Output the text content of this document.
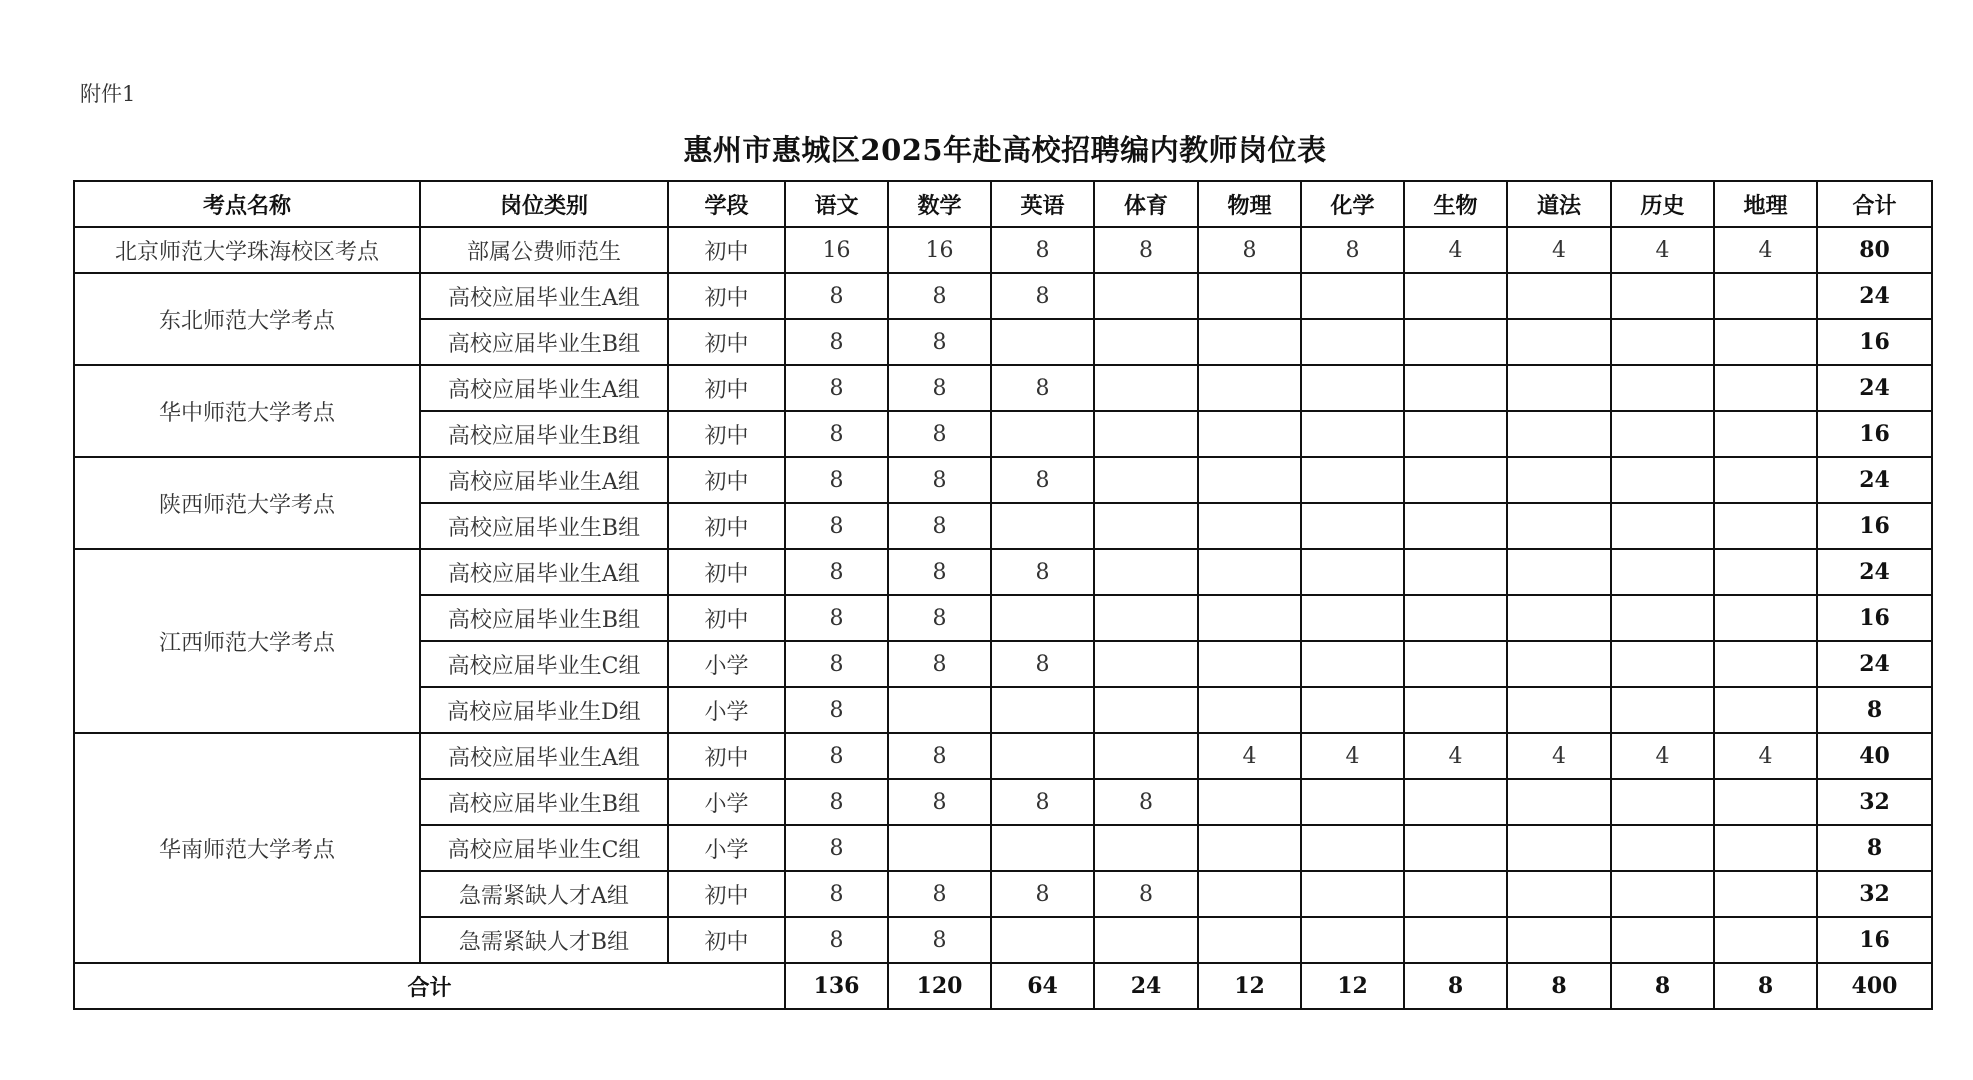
附件1
惠州市惠城区2025年赴高校招聘编内教师岗位表
考点名称	岗位类别	学段	语文	数学	英语	体育	物理	化学	生物	道法	历史	地理	合计
北京师范大学珠海校区考点	部属公费师范生	初中	16	16	8	8	8	8	4	4	4	4	80
东北师范大学考点	高校应届毕业生A组	初中	8	8	8								24
	高校应届毕业生B组	初中	8	8									16
华中师范大学考点	高校应届毕业生A组	初中	8	8	8								24
	高校应届毕业生B组	初中	8	8									16
陕西师范大学考点	高校应届毕业生A组	初中	8	8	8								24
	高校应届毕业生B组	初中	8	8									16
江西师范大学考点	高校应届毕业生A组	初中	8	8	8								24
	高校应届毕业生B组	初中	8	8									16
	高校应届毕业生C组	小学	8	8	8								24
	高校应届毕业生D组	小学	8										8
华南师范大学考点	高校应届毕业生A组	初中	8	8			4	4	4	4	4	4	40
	高校应届毕业生B组	小学	8	8	8	8							32
	高校应届毕业生C组	小学	8										8
	急需紧缺人才A组	初中	8	8	8	8							32
	急需紧缺人才B组	初中	8	8									16
合计			136	120	64	24	12	12	8	8	8	8	400
